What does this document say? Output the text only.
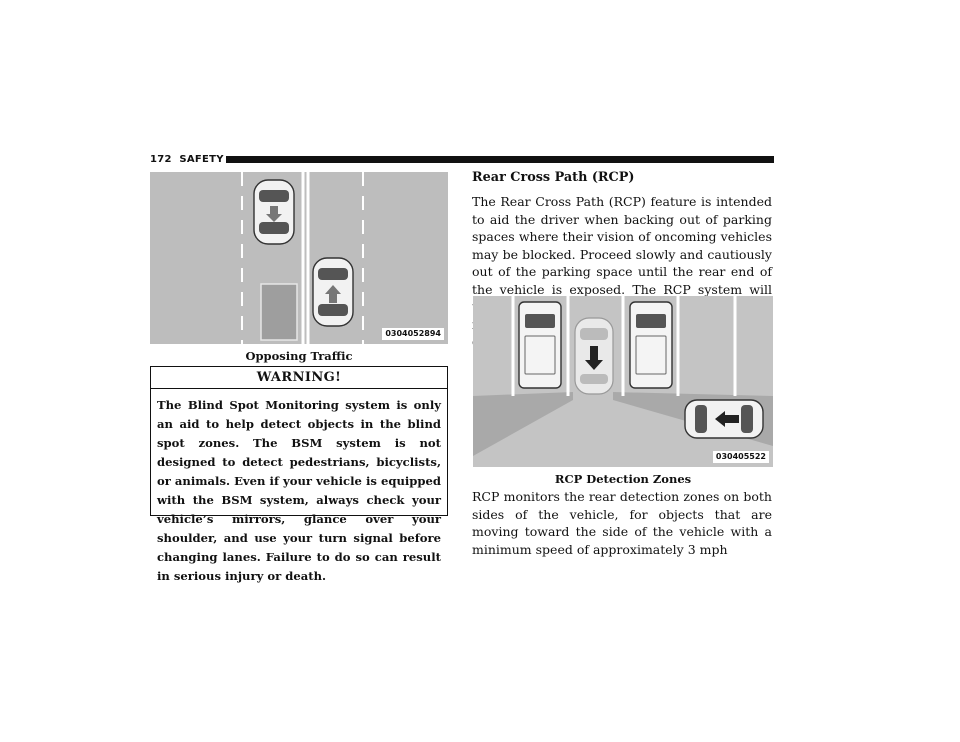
172 SAFETY
0304052894
Opposing Traffic
WARNING!
The Blind Spot Monitoring system is only an aid to help detect objects in the blind spot zones. The BSM system is not designed to detect pedestrians, bicyclists, or animals. Even if your vehicle is equipped with the BSM system, always check your vehicle’s mirrors, glance over your shoulder, and use your turn signal before changing lanes. Failure to do so can result in serious injury or death.
Rear Cross Path (RCP)
The Rear Cross Path (RCP) feature is intended to aid the driver when backing out of parking spaces where their vision of oncoming vehicles may be blocked. Proceed slowly and cautiously out of the parking space until the rear end of the vehicle is exposed. The RCP system will
030405522
RCP Detection Zones
RCP monitors the rear detection zones on both sides of the vehicle, for objects that are moving toward the side of the vehicle with a minimum speed of approximately 3 mph
